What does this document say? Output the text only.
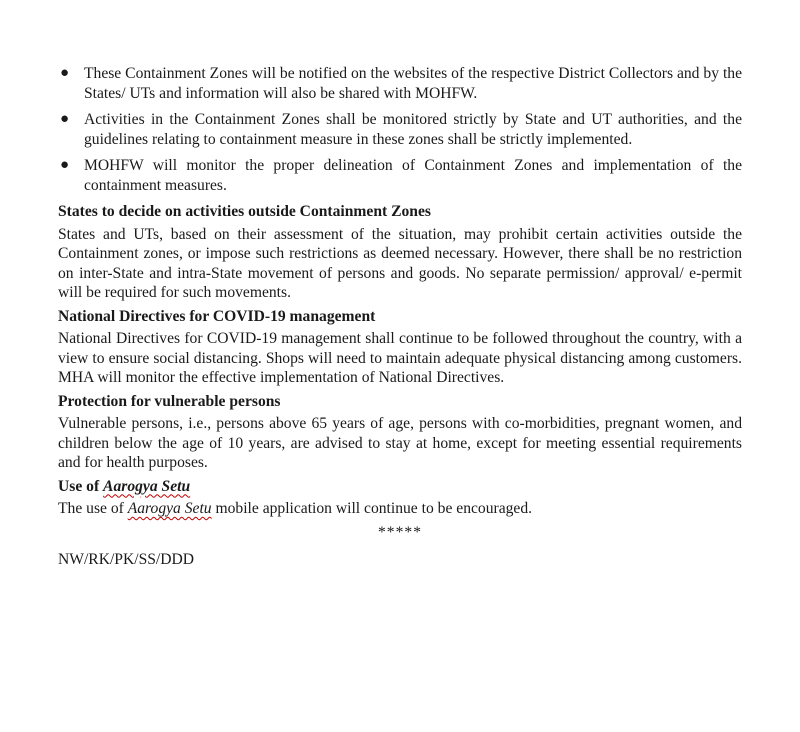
● These Containment Zones will be notified on the websites of the respective District Collectors and by the States/ UTs and information will also be shared with MOHFW.
● Activities in the Containment Zones shall be monitored strictly by State and UT authorities, and the guidelines relating to containment measure in these zones shall be strictly implemented.
● MOHFW will monitor the proper delineation of Containment Zones and implementation of the containment measures.
States to decide on activities outside Containment Zones

States and UTs, based on their assessment of the situation, may prohibit certain activities outside the Containment zones, or impose such restrictions as deemed necessary. However, there shall be no restriction on inter-State and intra-State movement of persons and goods. No separate permission/ approval/ e-permit will be required for such movements.

National Directives for COVID-19 management

National Directives for COVID-19 management shall continue to be followed throughout the country, with a view to ensure social distancing. Shops will need to maintain adequate physical distancing among customers. MHA will monitor the effective implementation of National Directives.

Protection for vulnerable persons

Vulnerable persons, i.e., persons above 65 years of age, persons with co-morbidities, pregnant women, and children below the age of 10 years, are advised to stay at home, except for meeting essential requirements and for health purposes.

Use of Aarogya Setu

The use of Aarogya Setu mobile application will continue to be encouraged.

*****

NW/RK/PK/SS/DDD
